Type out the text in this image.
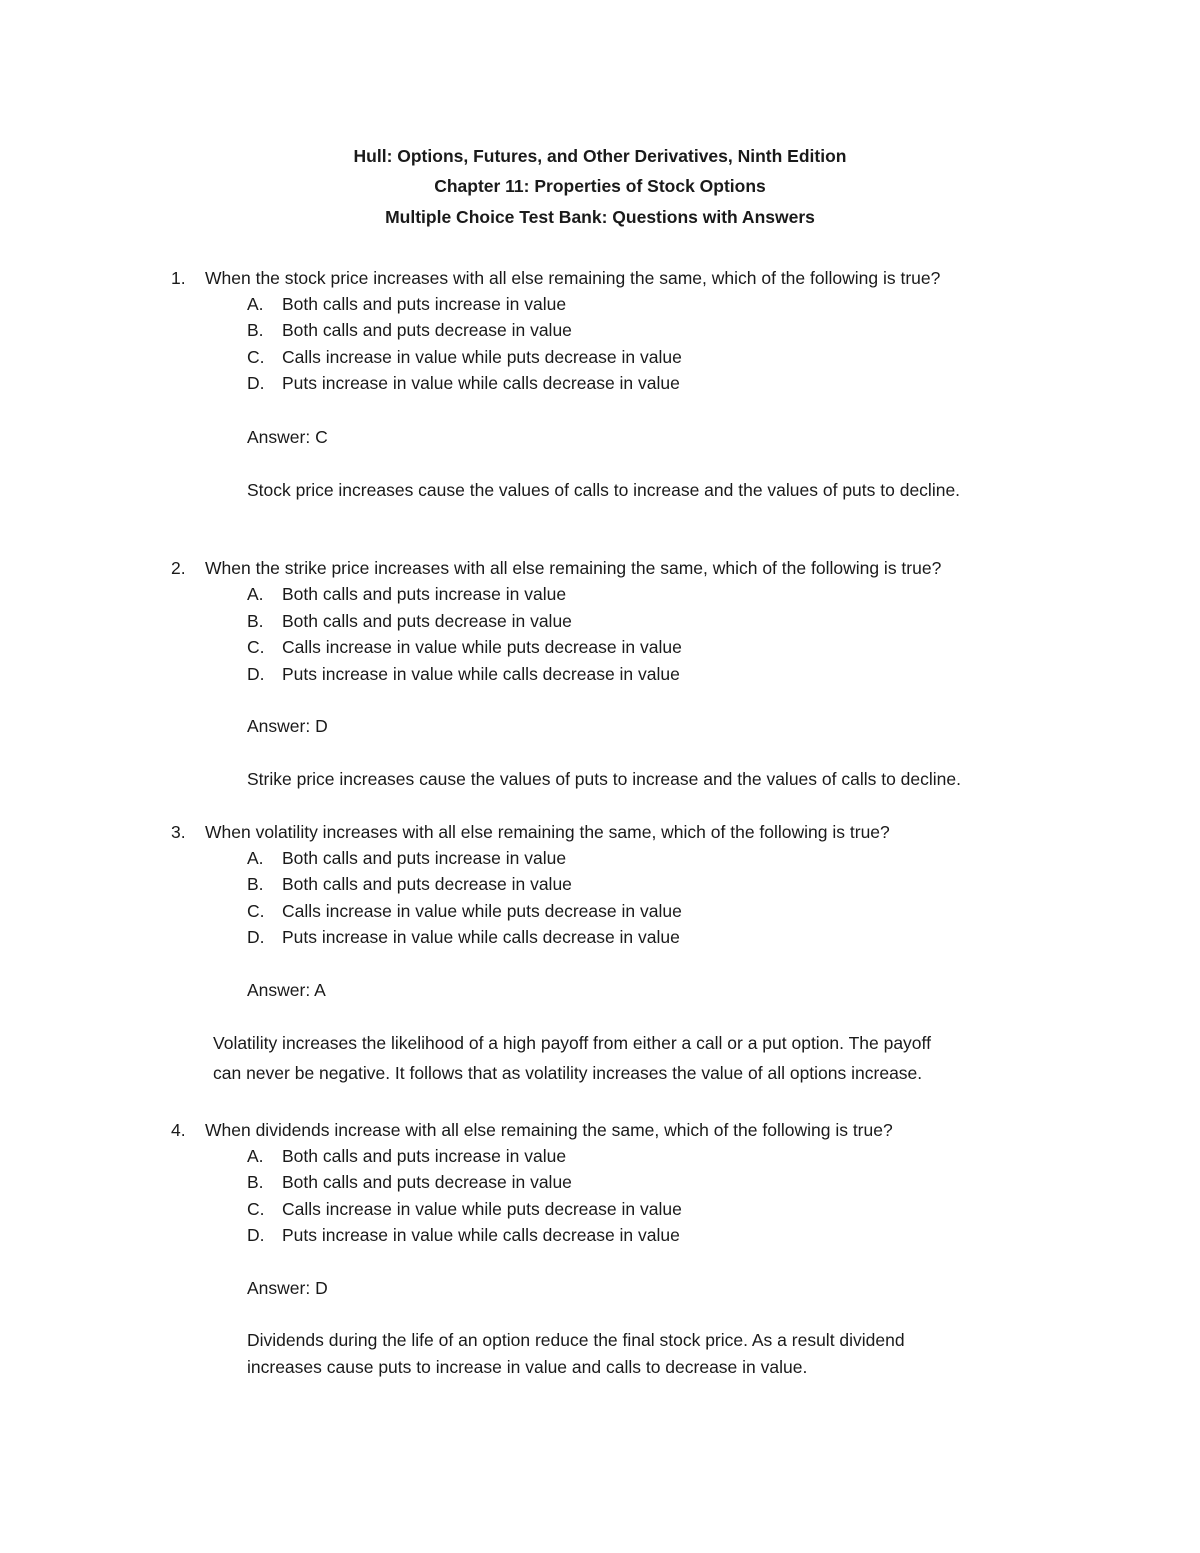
Hull: Options, Futures, and Other Derivatives, Ninth Edition
Chapter 11: Properties of Stock Options
Multiple Choice Test Bank: Questions with Answers
1. When the stock price increases with all else remaining the same, which of the following is true?
A. Both calls and puts increase in value
B. Both calls and puts decrease in value
C. Calls increase in value while puts decrease in value
D. Puts increase in value while calls decrease in value
Answer: C
Stock price increases cause the values of calls to increase and the values of puts to decline.
2. When the strike price increases with all else remaining the same, which of the following is true?
A. Both calls and puts increase in value
B. Both calls and puts decrease in value
C. Calls increase in value while puts decrease in value
D. Puts increase in value while calls decrease in value
Answer: D
Strike price increases cause the values of puts to increase and the values of calls to decline.
3. When volatility increases with all else remaining the same, which of the following is true?
A. Both calls and puts increase in value
B. Both calls and puts decrease in value
C. Calls increase in value while puts decrease in value
D. Puts increase in value while calls decrease in value
Answer: A
Volatility increases the likelihood of a high payoff from either a call or a put option. The payoff
can never be negative. It follows that as volatility increases the value of all options increase.
4. When dividends increase with all else remaining the same, which of the following is true?
A. Both calls and puts increase in value
B. Both calls and puts decrease in value
C. Calls increase in value while puts decrease in value
D. Puts increase in value while calls decrease in value
Answer: D
Dividends during the life of an option reduce the final stock price. As a result dividend
increases cause puts to increase in value and calls to decrease in value.
